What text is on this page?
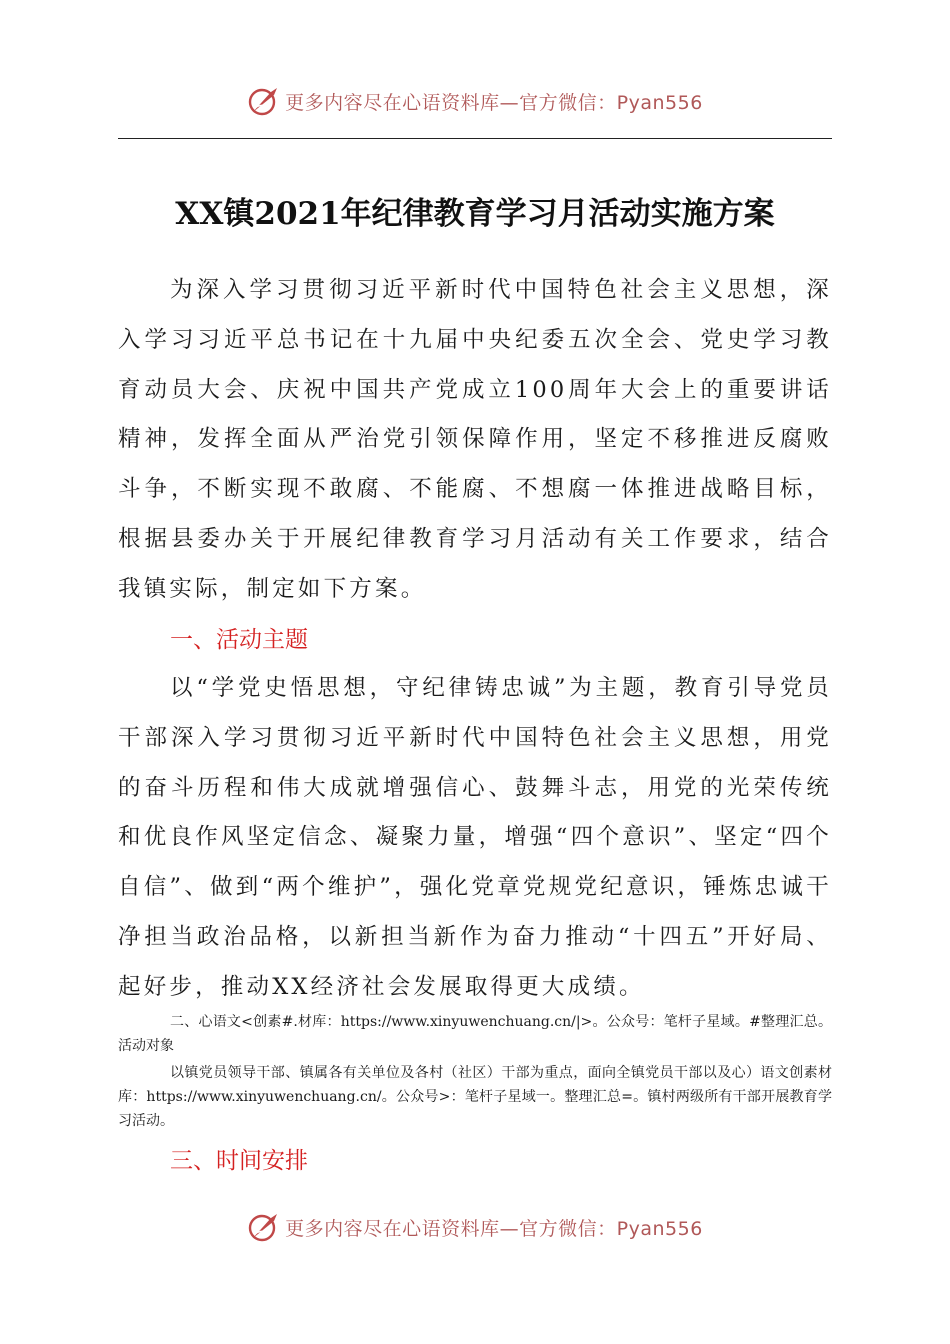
更多内容尽在心语资料库—官方微信：Pyan556
XX镇2021年纪律教育学习月活动实施方案

为深入学习贯彻习近平新时代中国特色社会主义思想，深入学习习近平总书记在十九届中央纪委五次全会、党史学习教育动员大会、庆祝中国共产党成立100周年大会上的重要讲话精神，发挥全面从严治党引领保障作用，坚定不移推进反腐败斗争，不断实现不敢腐、不能腐、不想腐一体推进战略目标，根据县委办关于开展纪律教育学习月活动有关工作要求，结合我镇实际，制定如下方案。

一、活动主题

以“学党史悟思想，守纪律铸忠诚”为主题，教育引导党员干部深入学习贯彻习近平新时代中国特色社会主义思想，用党的奋斗历程和伟大成就增强信心、鼓舞斗志，用党的光荣传统和优良作风坚定信念、凝聚力量，增强“四个意识”、坚定“四个自信”、做到“两个维护”，强化党章党规党纪意识，锤炼忠诚干净担当政治品格，以新担当新作为奋力推动“十四五”开好局、起好步，推动XX经济社会发展取得更大成绩。

二、心语文<创素#.材库：https://www.xinyuwenchuang.cn/|>。公众号：笔杆子星域。#整理汇总。活动对象

以镇党员领导干部、镇属各有关单位及各村（社区）干部为重点，面向全镇党员干部以及心）语文创素材库：https://www.xinyuwenchuang.cn/。公众号>：笔杆子星域一。整理汇总=。镇村两级所有干部开展教育学习活动。

三、时间安排
更多内容尽在心语资料库—官方微信：Pyan556
